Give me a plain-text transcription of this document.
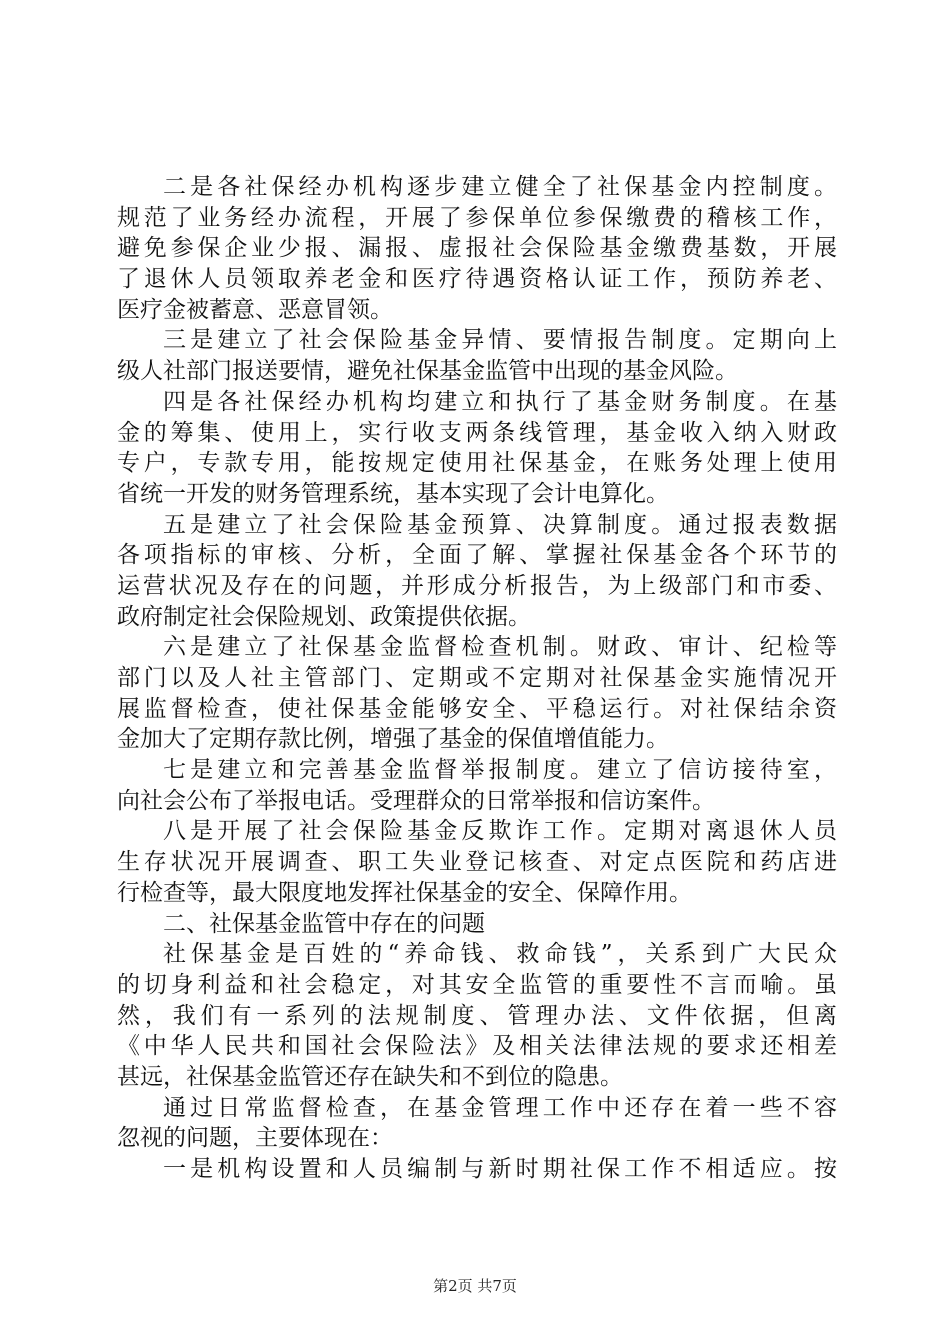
二是各社保经办机构逐步建立健全了社保基金内控制度。
规范了业务经办流程，开展了参保单位参保缴费的稽核工作，
避免参保企业少报、漏报、虚报社会保险基金缴费基数，开展
了退休人员领取养老金和医疗待遇资格认证工作，预防养老、
医疗金被蓄意、恶意冒领。
三是建立了社会保险基金异情、要情报告制度。定期向上
级人社部门报送要情，避免社保基金监管中出现的基金风险。
四是各社保经办机构均建立和执行了基金财务制度。在基
金的筹集、使用上，实行收支两条线管理，基金收入纳入财政
专户，专款专用，能按规定使用社保基金，在账务处理上使用
省统一开发的财务管理系统，基本实现了会计电算化。
五是建立了社会保险基金预算、决算制度。通过报表数据
各项指标的审核、分析，全面了解、掌握社保基金各个环节的
运营状况及存在的问题，并形成分析报告，为上级部门和市委、
政府制定社会保险规划、政策提供依据。
六是建立了社保基金监督检查机制。财政、审计、纪检等
部门以及人社主管部门、定期或不定期对社保基金实施情况开
展监督检查，使社保基金能够安全、平稳运行。对社保结余资
金加大了定期存款比例，增强了基金的保值增值能力。
七是建立和完善基金监督举报制度。建立了信访接待室，
向社会公布了举报电话。受理群众的日常举报和信访案件。
八是开展了社会保险基金反欺诈工作。定期对离退休人员
生存状况开展调查、职工失业登记核查、对定点医院和药店进
行检查等，最大限度地发挥社保基金的安全、保障作用。
二、社保基金监管中存在的问题
社保基金是百姓的“养命钱、救命钱”，关系到广大民众
的切身利益和社会稳定，对其安全监管的重要性不言而喻。虽
然，我们有一系列的法规制度、管理办法、文件依据，但离
《中华人民共和国社会保险法》及相关法律法规的要求还相差
甚远，社保基金监管还存在缺失和不到位的隐患。
通过日常监督检查，在基金管理工作中还存在着一些不容
忽视的问题，主要体现在：
一是机构设置和人员编制与新时期社保工作不相适应。按
第2页 共7页
